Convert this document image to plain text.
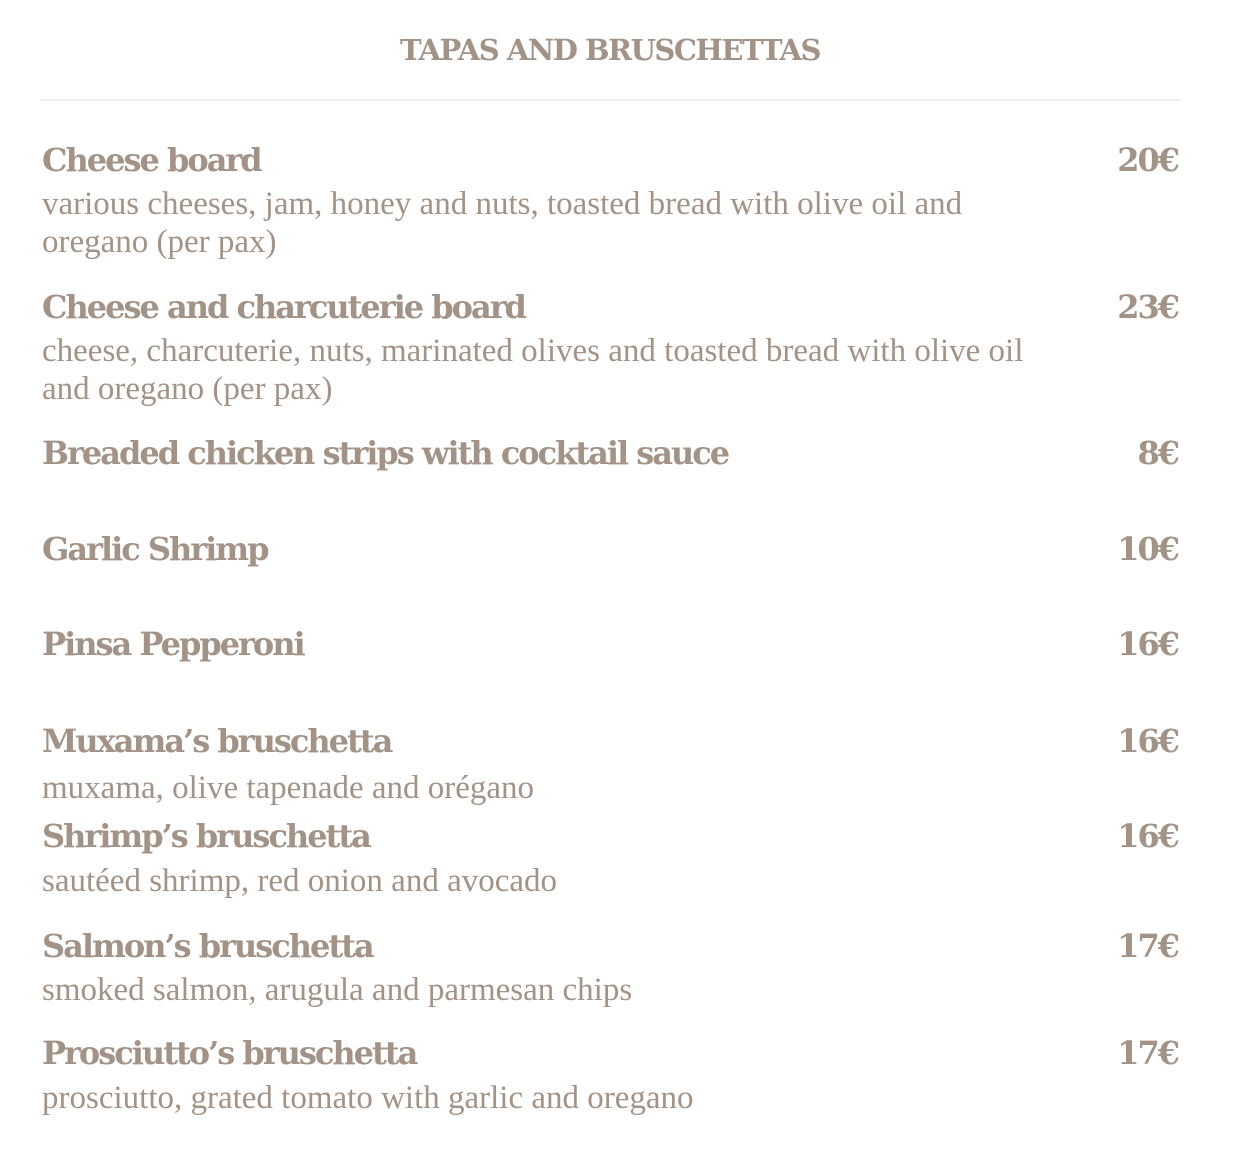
TAPAS AND BRUSCHETTAS
Cheese board	20€
various cheeses, jam, honey and nuts, toasted bread with olive oil and oregano (per pax)
Cheese and charcuterie board	23€
cheese, charcuterie, nuts, marinated olives and toasted bread with olive oil and oregano (per pax)
Breaded chicken strips with cocktail sauce	8€
Garlic Shrimp	10€
Pinsa Pepperoni	16€
Muxama’s bruschetta	16€
muxama, olive tapenade and orégano
Shrimp’s bruschetta	16€
sautéed shrimp, red onion and avocado
Salmon’s bruschetta	17€
smoked salmon, arugula and parmesan chips
Prosciutto’s bruschetta	17€
prosciutto, grated tomato with garlic and oregano
